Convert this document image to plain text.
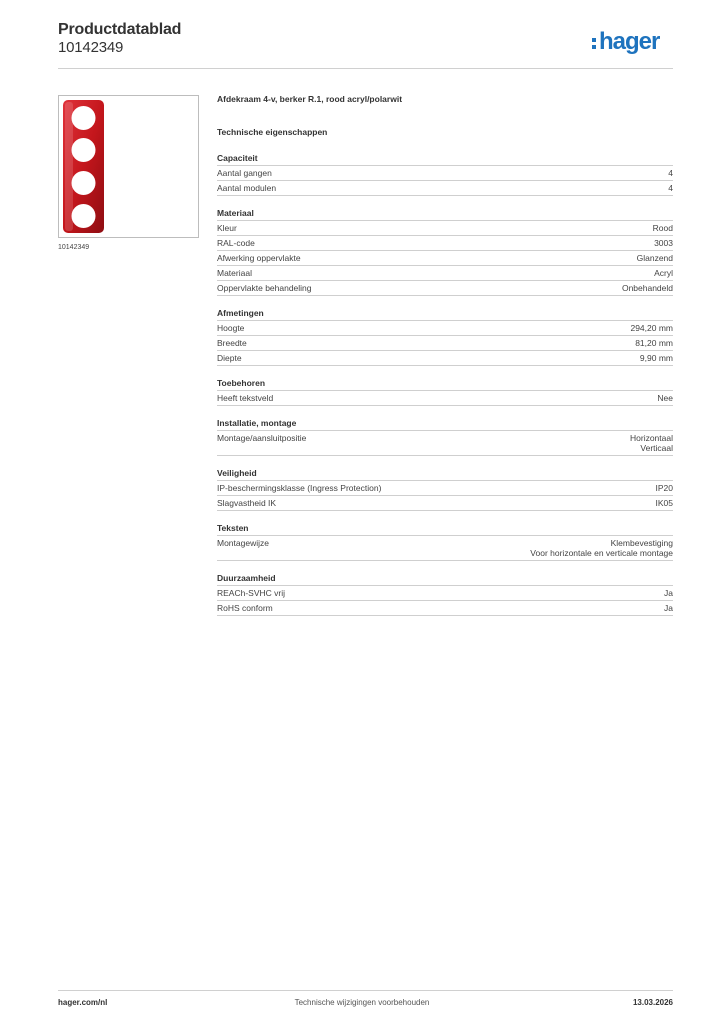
Productdatablad
10142349	hager
10142349
Afdekraam 4-v, berker R.1, rood acryl/polarwit
Technische eigenschappen
Capaciteit
Aantal gangen	4
Aantal modulen	4
Materiaal
Kleur	Rood
RAL-code	3003
Afwerking oppervlakte	Glanzend
Materiaal	Acryl
Oppervlakte behandeling	Onbehandeld
Afmetingen
Hoogte	294,20 mm
Breedte	81,20 mm
Diepte	9,90 mm
Toebehoren
Heeft tekstveld	Nee
Installatie, montage
Montage/aansluitpositie	Horizontaal
Verticaal
Veiligheid
IP-beschermingsklasse (Ingress Protection)	IP20
Slagvastheid IK	IK05
Teksten
Montagewijze	Klembevestiging
Voor horizontale en verticale montage
Duurzaamheid
REACh-SVHC vrij	Ja
RoHS conform	Ja
hager.com/nl	Technische wijzigingen voorbehouden	13.03.2026
